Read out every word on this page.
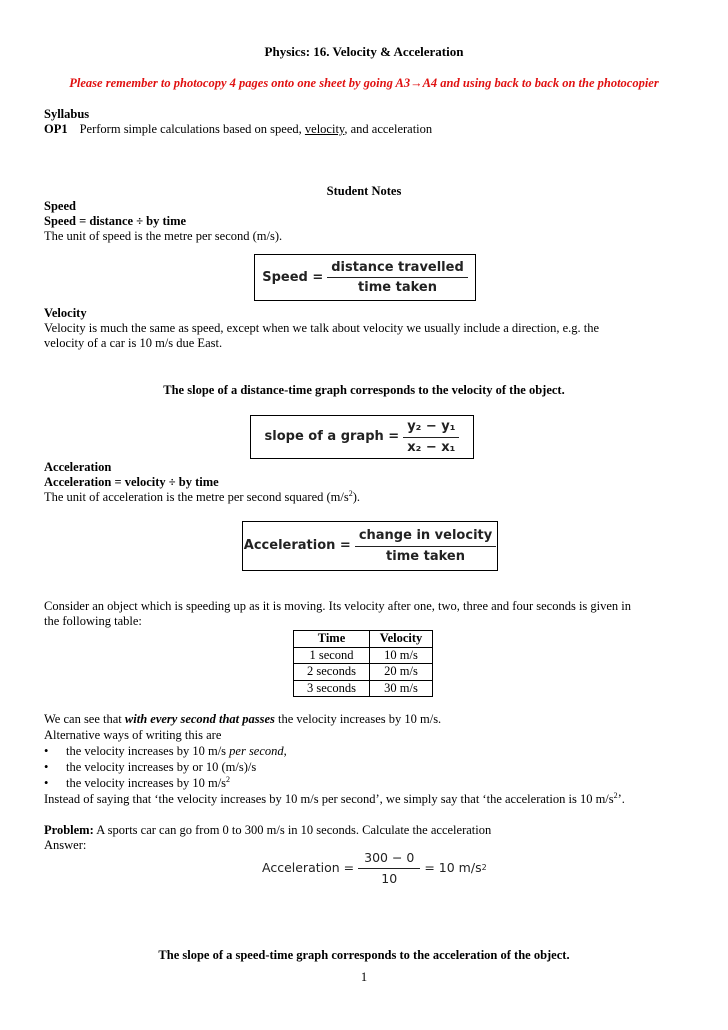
Physics: 16. Velocity & Acceleration
Please remember to photocopy 4 pages onto one sheet by going A3→A4 and using back to back on the photocopier
Syllabus
OP1 Perform simple calculations based on speed, velocity, and acceleration
Student Notes
Speed
Speed = distance ÷ by time
The unit of speed is the metre per second (m/s).
Speed = $\frac{\text{distance travelled}}{\text{time taken}}$
Velocity
Velocity is much the same as speed, except when we talk about velocity we usually include a direction, e.g. the
velocity of a car is 10 m/s due East.
The slope of a distance-time graph corresponds to the velocity of the object.
slope of a graph = $\frac{\text{y₂ − y₁}}{\text{x₂ − x₁}}$
Acceleration
Acceleration = velocity ÷ by time
The unit of acceleration is the metre per second squared $(m/s^2)$.
Acceleration = $\frac{\text{change in velocity}}{\text{time taken}}$
Consider an object which is speeding up as it is moving. Its velocity after one, two, three and four seconds is given in
the following table:
Time	Velocity
1 second	10 m/s
2 seconds	20 m/s
3 seconds	30 m/s
We can see that with every second that passes the velocity increases by 10 m/s.
Alternative ways of writing this are
• the velocity increases by 10 m/s per second,
• the velocity increases by or 10 (m/s)/s
• the velocity increases by 10 $m/s^2$
Instead of saying that ‘the velocity increases by 10 m/s per second’, we simply say that ‘the acceleration is 10 $m/s^2$’.
Problem: A sports car can go from 0 to 300 m/s in 10 seconds. Calculate the acceleration
Answer:
Acceleration = $\frac{300 - 0}{10} = 10$ m/s 2
The slope of a speed-time graph corresponds to the acceleration of the object.
1
